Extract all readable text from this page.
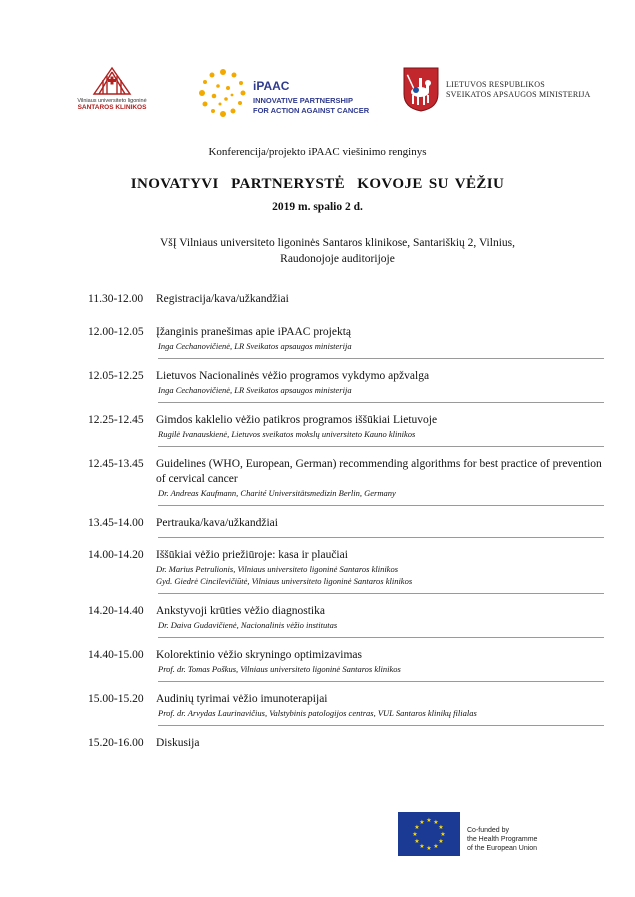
Vilniaus universiteto ligoninė
SANTAROS KLINIKOS
iPAAC
INNOVATIVE PARTNERSHIP
FOR ACTION AGAINST CANCER
LIETUVOS RESPUBLIKOS
SVEIKATOS APSAUGOS MINISTERIJA
Konferencija/projekto iPAAC viešinimo renginys
INOVATYVI  PARTNERYSTĖ  KOVOJE SU VĖŽIU
2019 m. spalio 2 d.
VšĮ Vilniaus universiteto ligoninės Santaros klinikose, Santariškių 2, Vilnius,
Raudonojoje auditorijoje
11.30-12.00	Registracija/kava/užkandžiai
12.00-12.05	Įžanginis pranešimas apie iPAAC projektą
Inga Cechanovičienė, LR Sveikatos apsaugos ministerija
12.05-12.25	Lietuvos Nacionalinės vėžio programos vykdymo apžvalga
Inga Cechanovičienė, LR Sveikatos apsaugos ministerija
12.25-12.45	Gimdos kaklelio vėžio patikros programos iššūkiai Lietuvoje
Rugilė Ivanauskienė, Lietuvos sveikatos mokslų universiteto Kauno klinikos
12.45-13.45	Guidelines (WHO, European, German) recommending algorithms for best practice of prevention of cervical cancer
Dr. Andreas Kaufmann, Charité Universitätsmedizin Berlin, Germany
13.45-14.00	Pertrauka/kava/užkandžiai
14.00-14.20	Iššūkiai vėžio priežiūroje: kasa ir plaučiai
Dr. Marius Petrulionis, Vilniaus universiteto ligoninė Santaros klinikos
Gyd. Giedrė Cincilevičiūtė, Vilniaus universiteto ligoninė Santaros klinikos
14.20-14.40	Ankstyvoji krūties vėžio diagnostika
Dr. Daiva Gudavičienė, Nacionalinis vėžio institutas
14.40-15.00	Kolorektinio vėžio skryningo optimizavimas
Prof. dr. Tomas Poškus, Vilniaus universiteto ligoninė Santaros klinikos
15.00-15.20	Audinių tyrimai vėžio imunoterapijai
Prof. dr. Arvydas Laurinavičius, Valstybinis patologijos centras, VUL Santaros klinikų filialas
15.20-16.00	Diskusija
★ ★
★
★
★
★
★
★
★
★
★
★
Co-funded by
the Health Programme
of the European Union
